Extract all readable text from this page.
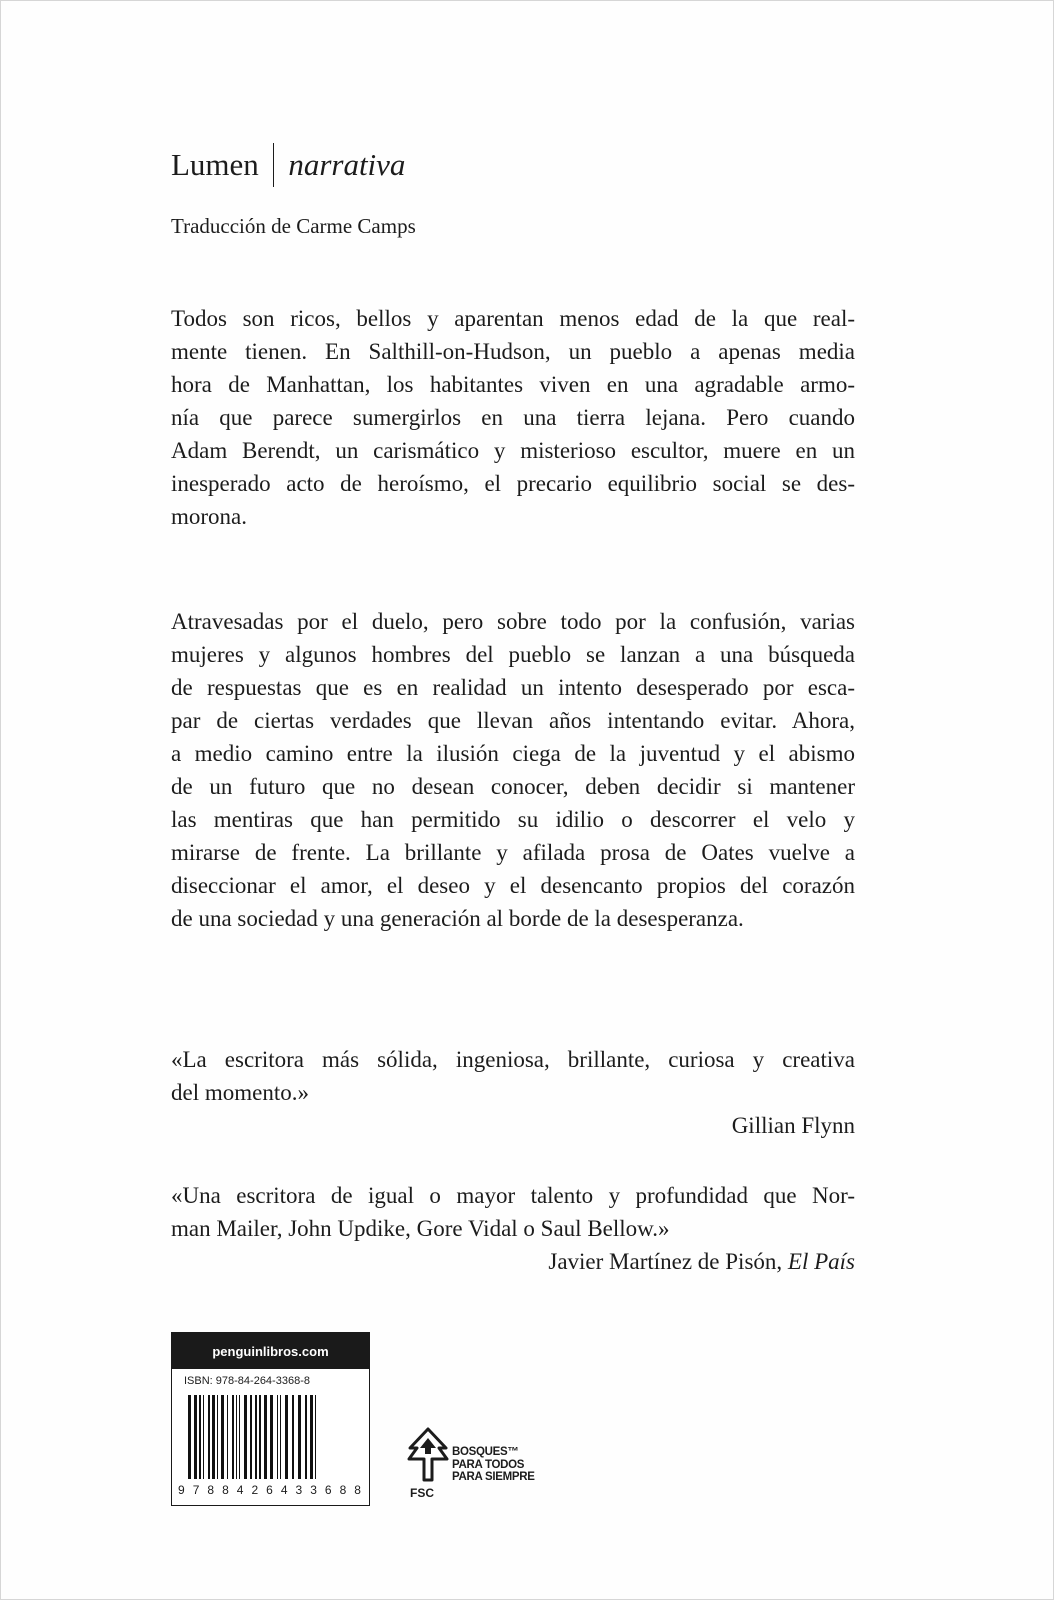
Lumen narrativa
Traducción de Carme Camps
Todos son ricos, bellos y aparentan menos edad de la que real-
mente tienen. En Salthill-on-Hudson, un pueblo a apenas media
hora de Manhattan, los habitantes viven en una agradable armo-
nía que parece sumergirlos en una tierra lejana. Pero cuando
Adam Berendt, un carismático y misterioso escultor, muere en un
inesperado acto de heroísmo, el precario equilibrio social se des-
morona.
Atravesadas por el duelo, pero sobre todo por la confusión, varias
mujeres y algunos hombres del pueblo se lanzan a una búsqueda
de respuestas que es en realidad un intento desesperado por esca-
par de ciertas verdades que llevan años intentando evitar. Ahora,
a medio camino entre la ilusión ciega de la juventud y el abismo
de un futuro que no desean conocer, deben decidir si mantener
las mentiras que han permitido su idilio o descorrer el velo y
mirarse de frente. La brillante y afilada prosa de Oates vuelve a
diseccionar el amor, el deseo y el desencanto propios del corazón
de una sociedad y una generación al borde de la desesperanza.
«La escritora más sólida, ingeniosa, brillante, curiosa y creativa
del momento.»
Gillian Flynn
«Una escritora de igual o mayor talento y profundidad que Nor-
man Mailer, John Updike, Gore Vidal o Saul Bellow.»
Javier Martínez de Pisón, El País
penguinlibros.com
ISBN: 978-84-264-3368-8
9 7 8 8 4 2 6 4 3 3 6 8 8	FSC
BOSQUES™
PARA TODOS
PARA SIEMPRE
